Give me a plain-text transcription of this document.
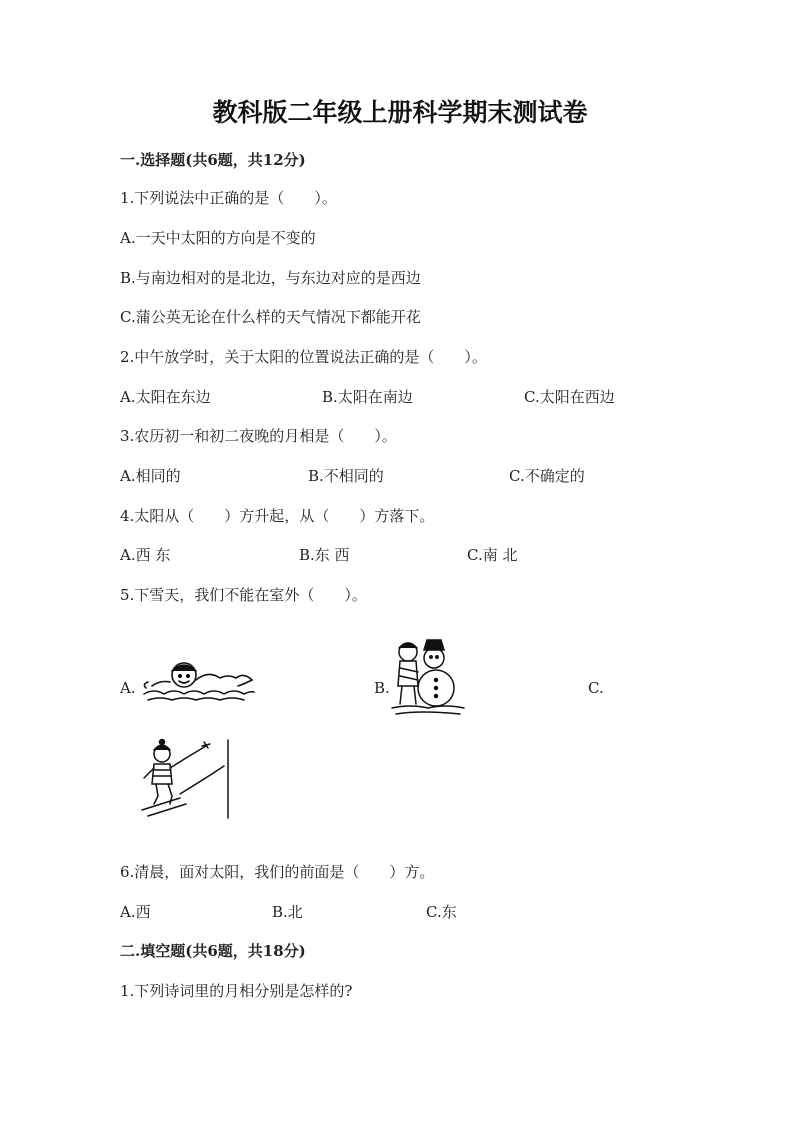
教科版二年级上册科学期末测试卷
一.选择题(共6题，共12分)
1.下列说法中正确的是（　　）。
A.一天中太阳的方向是不变的
B.与南边相对的是北边，与东边对应的是西边
C.蒲公英无论在什么样的天气情况下都能开花
2.中午放学时，关于太阳的位置说法正确的是（　　）。
A.太阳在东边	B.太阳在南边	C.太阳在西边
3.农历初一和初二夜晚的月相是（　　）。
A.相同的	B.不相同的	C.不确定的
4.太阳从（　　）方升起，从（　　）方落下。
A.西 东	B.东 西	C.南 北
5.下雪天，我们不能在室外（　　）。
A.	B.	C.
6.清晨，面对太阳，我们的前面是（　　）方。
A.西	B.北	C.东
二.填空题(共6题，共18分)
1.下列诗词里的月相分别是怎样的?
